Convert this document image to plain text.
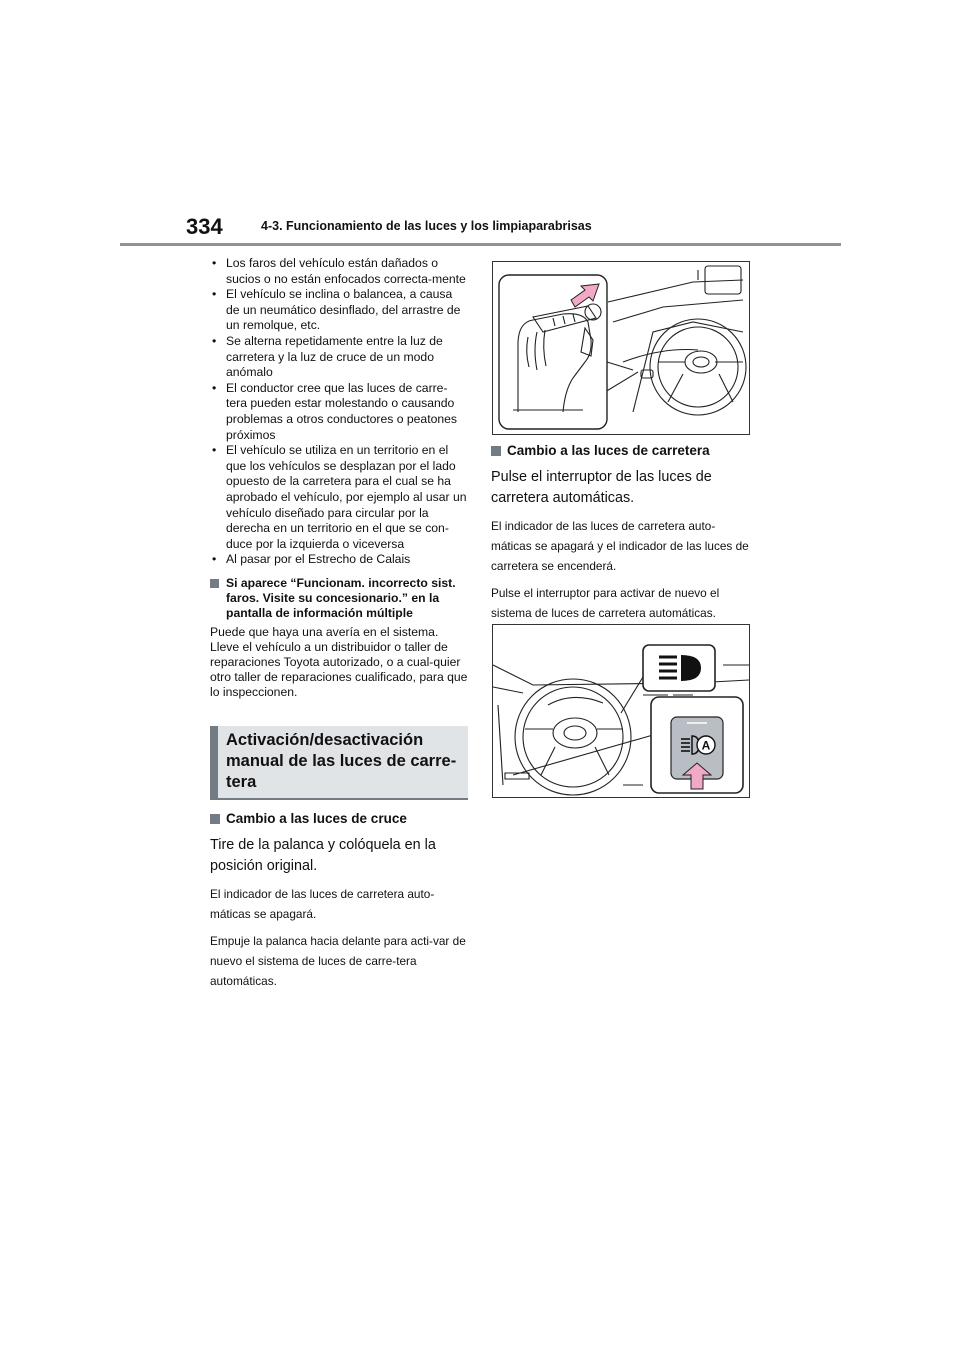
334	4-3. Funcionamiento de las luces y los limpiaparabrisas
• Los faros del vehículo están dañados o sucios o no están enfocados correcta-mente
• El vehículo se inclina o balancea, a causa de un neumático desinflado, del arrastre de un remolque, etc.
• Se alterna repetidamente entre la luz de carretera y la luz de cruce de un modo anómalo
• El conductor cree que las luces de carre-tera pueden estar molestando o causando problemas a otros conductores o peatones próximos
• El vehículo se utiliza en un territorio en el que los vehículos se desplazan por el lado opuesto de la carretera para el cual se ha aprobado el vehículo, por ejemplo al usar un vehículo diseñado para circular por la derecha en un territorio en el que se con-duce por la izquierda o viceversa
• Al pasar por el Estrecho de Calais
Si aparece “Funcionam. incorrecto sist. faros. Visite su concesionario.” en la pantalla de información múltiple
Puede que haya una avería en el sistema. Lleve el vehículo a un distribuidor o taller de reparaciones Toyota autorizado, o a cual-quier otro taller de reparaciones cualificado, para que lo inspeccionen.
Activación/desactivación manual de las luces de carre-tera
Cambio a las luces de cruce
Tire de la palanca y colóquela en la posición original.
El indicador de las luces de carretera auto-máticas se apagará.
Empuje la palanca hacia delante para acti-var de nuevo el sistema de luces de carre-tera automáticas.
Cambio a las luces de carretera
Pulse el interruptor de las luces de carretera automáticas.
El indicador de las luces de carretera auto-máticas se apagará y el indicador de las luces de carretera se encenderá.
Pulse el interruptor para activar de nuevo el sistema de luces de carretera automáticas.
A
